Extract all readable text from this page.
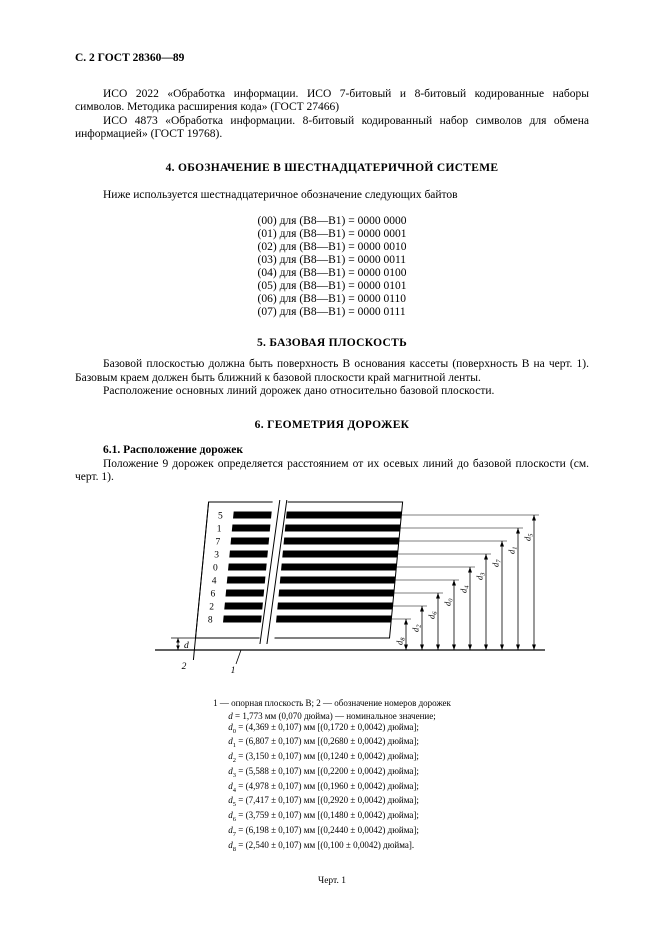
С. 2 ГОСТ 28360—89

ИСО 2022 «Обработка информации. ИСО 7-битовый и 8-битовый кодированные наборы символов. Методика расширения кода» (ГОСТ 27466)

ИСО 4873 «Обработка информации. 8-битовый кодированный набор символов для обмена информацией» (ГОСТ 19768).

4. ОБОЗНАЧЕНИЕ В ШЕСТНАДЦАТЕРИЧНОЙ СИСТЕМЕ

Ниже используется шестнадцатеричное обозначение следующих байтов

(00) для (В8—В1) = 0000 0000
(01) для (В8—В1) = 0000 0001
(02) для (В8—В1) = 0000 0010
(03) для (В8—В1) = 0000 0011
(04) для (В8—В1) = 0000 0100
(05) для (В8—В1) = 0000 0101
(06) для (В8—В1) = 0000 0110
(07) для (В8—В1) = 0000 0111
5. БАЗОВАЯ ПЛОСКОСТЬ

Базовой плоскостью должна быть поверхность В основания кассеты (поверхность В на черт. 1). Базовым краем должен быть ближний к базовой плоскости край магнитной ленты.

Расположение основных линий дорожек дано относительно базовой плоскости.

6. ГЕОМЕТРИЯ ДОРОЖЕК

6.1. Расположение дорожек

Положение 9 дорожек определяется расстоянием от их осевых линий до базовой плоскости (см. черт. 1).

5
1
7
3
0
4
6
2
8
$d_8$
$d_2$
$d_6$
$d_0$
$d_4$
$d_3$
$d_7$
$d_1$
$d_5$
d
1
2
1 — опорная плоскость В; 2 — обозначение номеров дорожек
d = 1,773 мм (0,070 дюйма) — номинальное значение;
$d_0 = (4,369 \pm 0,107)$ мм [(0,1720 ± 0,0042) дюйма];
$d_1 = (6,807 \pm 0,107)$ мм [(0,2680 ± 0,0042) дюйма];
$d_2 = (3,150 \pm 0,107)$ мм [(0,1240 ± 0,0042) дюйма];
$d_3 = (5,588 \pm 0,107)$ мм [(0,2200 ± 0,0042) дюйма];
$d_4 = (4,978 \pm 0,107)$ мм [(0,1960 ± 0,0042) дюйма];
$d_5 = (7,417 \pm 0,107)$ мм [(0,2920 ± 0,0042) дюйма];
$d_6 = (3,759 \pm 0,107)$ мм [(0,1480 ± 0,0042) дюйма];
$d_7 = (6,198 \pm 0,107)$ мм [(0,2440 ± 0,0042) дюйма];
$d_8 = (2,540 \pm 0,107)$ мм [(0,100 ± 0,0042) дюйма].
Черт. 1
